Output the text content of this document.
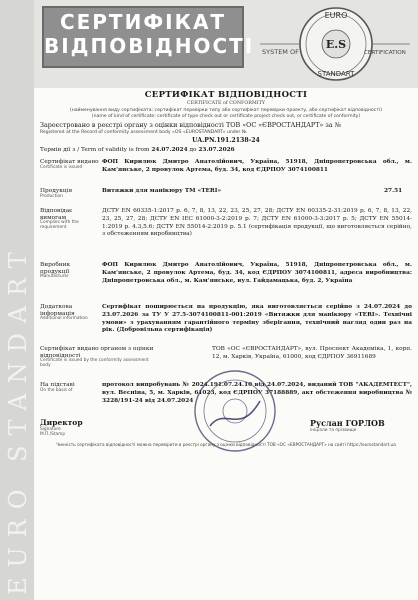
EURO STANDART
СЕРТИФІКАТ
ВІДПОВІДНОСТІ
EURO
E.S
STANDART
SYSTEM OF	CERTIFICATION
СЕРТИФІКАТ ВІДПОВІДНОСТІ
CERTIFICATE of CONFORMITY
(найменування виду сертифіката: сертифікат перевірки типу або сертифікат перевірки проекту, або сертифікат відповідності)
(name of kind of certificate: certificate of type check out or certificate project check out, or certificate of conformity)
Зареєстровано в реєстрі органу з оцінки відповідності ТОВ «ОС «ЄВРОСТАНДАРТ» за №
Registered at the Record of conformity assessment body «OS «EUROSTANDART» under №
UA.PN.191.2138-24
Термін дії з / Term of validity is from 24.07.2024 до 23.07.2026
Сертифікат видано
Certificate is issued
ФОП Кирилюк Дмитро Анатолійович, Україна, 51918, Дніпропетровська обл., м. Кам'янське, 2 провулок Артема, буд. 34, код ЄДРПОУ 3074100811
Продукція
Production
Витяжки для манікюру ТМ «TERI»	27.51
Відповідає вимогам
Complies with the requirement
ДСТУ EN 60335-1:2017 р. 6, 7, 8, 13, 22, 23, 25, 27, 28; ДСТУ EN 60335-2-31:2019 р. 6, 7, 8, 13, 22, 23, 25, 27, 28; ДСТУ EN IEC 61000-3-2:2019 р. 7; ДСТУ EN 61000-3-3:2017 р. 5; ДСТУ EN 55014-1:2019 р. 4.3,5.6; ДСТУ EN 55014-2:2019 р. 5.1 (сертифікація продукції, що виготовляється серійно, з обстеженням виробництва)
Виробник продукції
Manufacturer
ФОП Кирилюк Дмитро Анатолійович, Україна, 51918, Дніпропетровська обл., м. Кам'янське, 2 провулок Артема, буд. 34, код ЄДРПОУ 3074100811, адреса виробництва: Дніпропетровська обл., м. Кам'янське, вул. Гайдамацька, буд. 2, Україна
Додаткова інформація
Additional information
Сертифікат поширюється на продукцію, яка виготовляється серійно з 24.07.2024 до 23.07.2026 за ТУ У 27.5-3074100811-001:2019 «Витяжки для манікюру «TERI». Технічні умови» з урахуванням гарантійного терміну зберігання, технічний нагляд один раз на рік. (Добровільна сертифікація)
Сертифікат видано органом з оцінки відповідності
Certificate is issued by the conformity assessment body
ТОВ «ОС «ЄВРОСТАНДАРТ», вул. Проспект Академіка, 1, корп. 12, м. Харків, Україна, 61000, код ЄДРПОУ 36911689
На підставі
On the basis of
протокол випробувань № 2024.191.07.24.10 від 24.07.2024, виданий ТОВ "АКАДЕМТЕСТ", вул. Весніна, 5, м. Харків, 61023, код ЄДРПОУ 37188889, акт обстеження виробництва № 3228/191-24 від 24.07.2024
Директор
Signature
М.П./Stamp
Руслан ГОРЛОВ
ініціали та прізвище
Чинність сертифіката відповідності можна перевірити в реєстрі органу з оцінки відповідності ТОВ «ОС «ЄВРОСТАНДАРТ» на сайті https://eurostandart.ua
